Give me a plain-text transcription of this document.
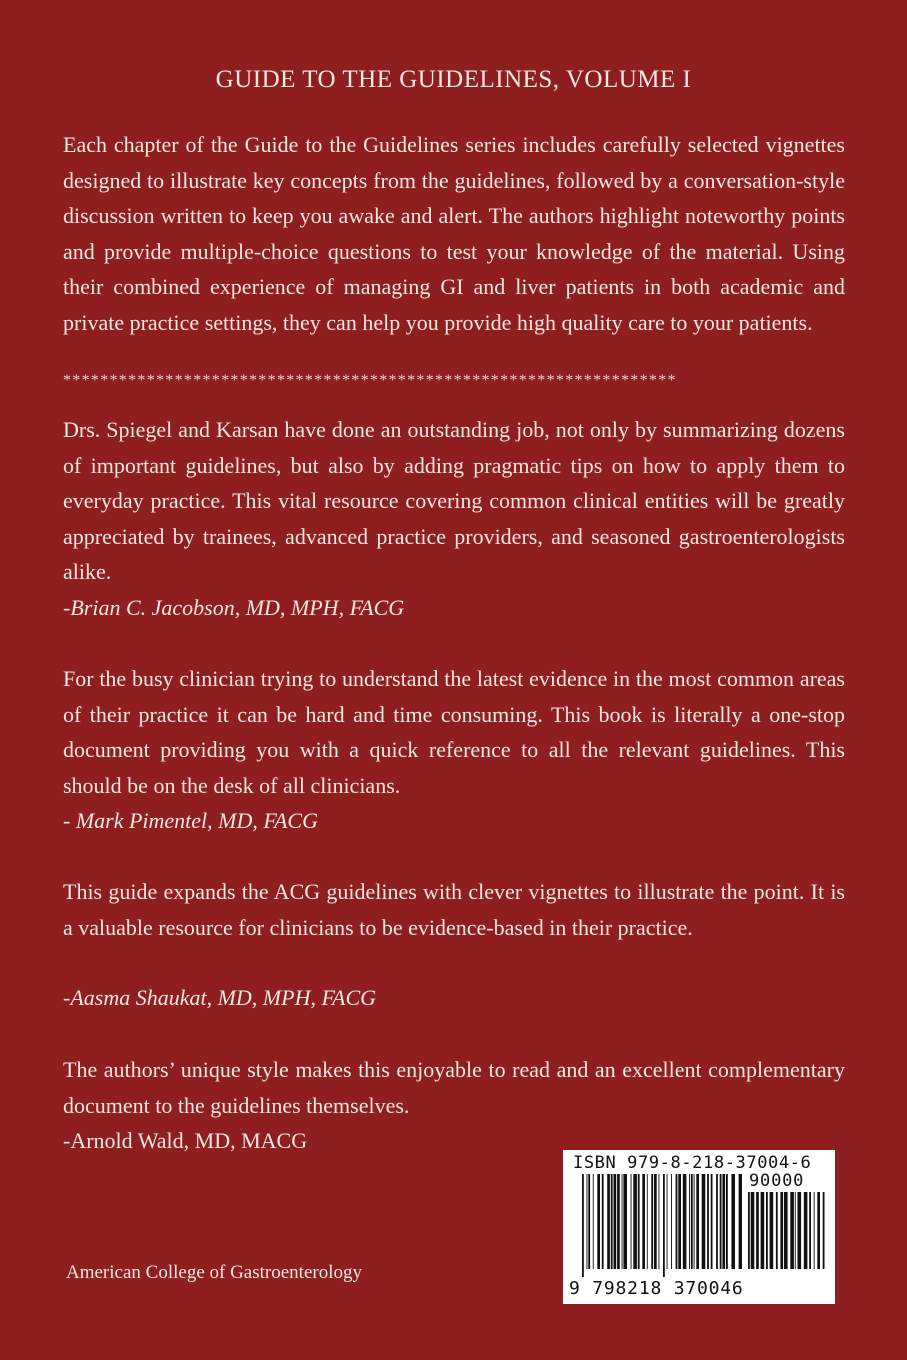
GUIDE TO THE GUIDELINES, VOLUME I
Each chapter of the Guide to the Guidelines series includes carefully selected vignettes designed to illustrate key concepts from the guidelines, followed by a conversation-style discussion written to keep you awake and alert. The authors highlight noteworthy points and provide multiple-choice questions to test your knowledge of the material. Using their combined experience of managing GI and liver patients in both academic and private practice settings, they can help you provide high quality care to your patients.
******************************************************************
Drs. Spiegel and Karsan have done an outstanding job, not only by summarizing dozens of important guidelines, but also by adding pragmatic tips on how to apply them to everyday practice. This vital resource covering common clinical entities will be greatly appreciated by trainees, advanced practice providers, and seasoned gastroenterologists alike.
-Brian C. Jacobson, MD, MPH, FACG
For the busy clinician trying to understand the latest evidence in the most common areas of their practice it can be hard and time consuming. This book is literally a one-stop document providing you with a quick reference to all the relevant guidelines. This should be on the desk of all clinicians.
- Mark Pimentel, MD, FACG
This guide expands the ACG guidelines with clever vignettes to illustrate the point. It is a valuable resource for clinicians to be evidence-based in their practice.
-Aasma Shaukat, MD, MPH, FACG
The authors’ unique style makes this enjoyable to read and an excellent complementary document to the guidelines themselves.
-Arnold Wald, MD, MACG
American College of Gastroenterology
ISBN 979-8-218-37004-6
90000
9 798218 370046
